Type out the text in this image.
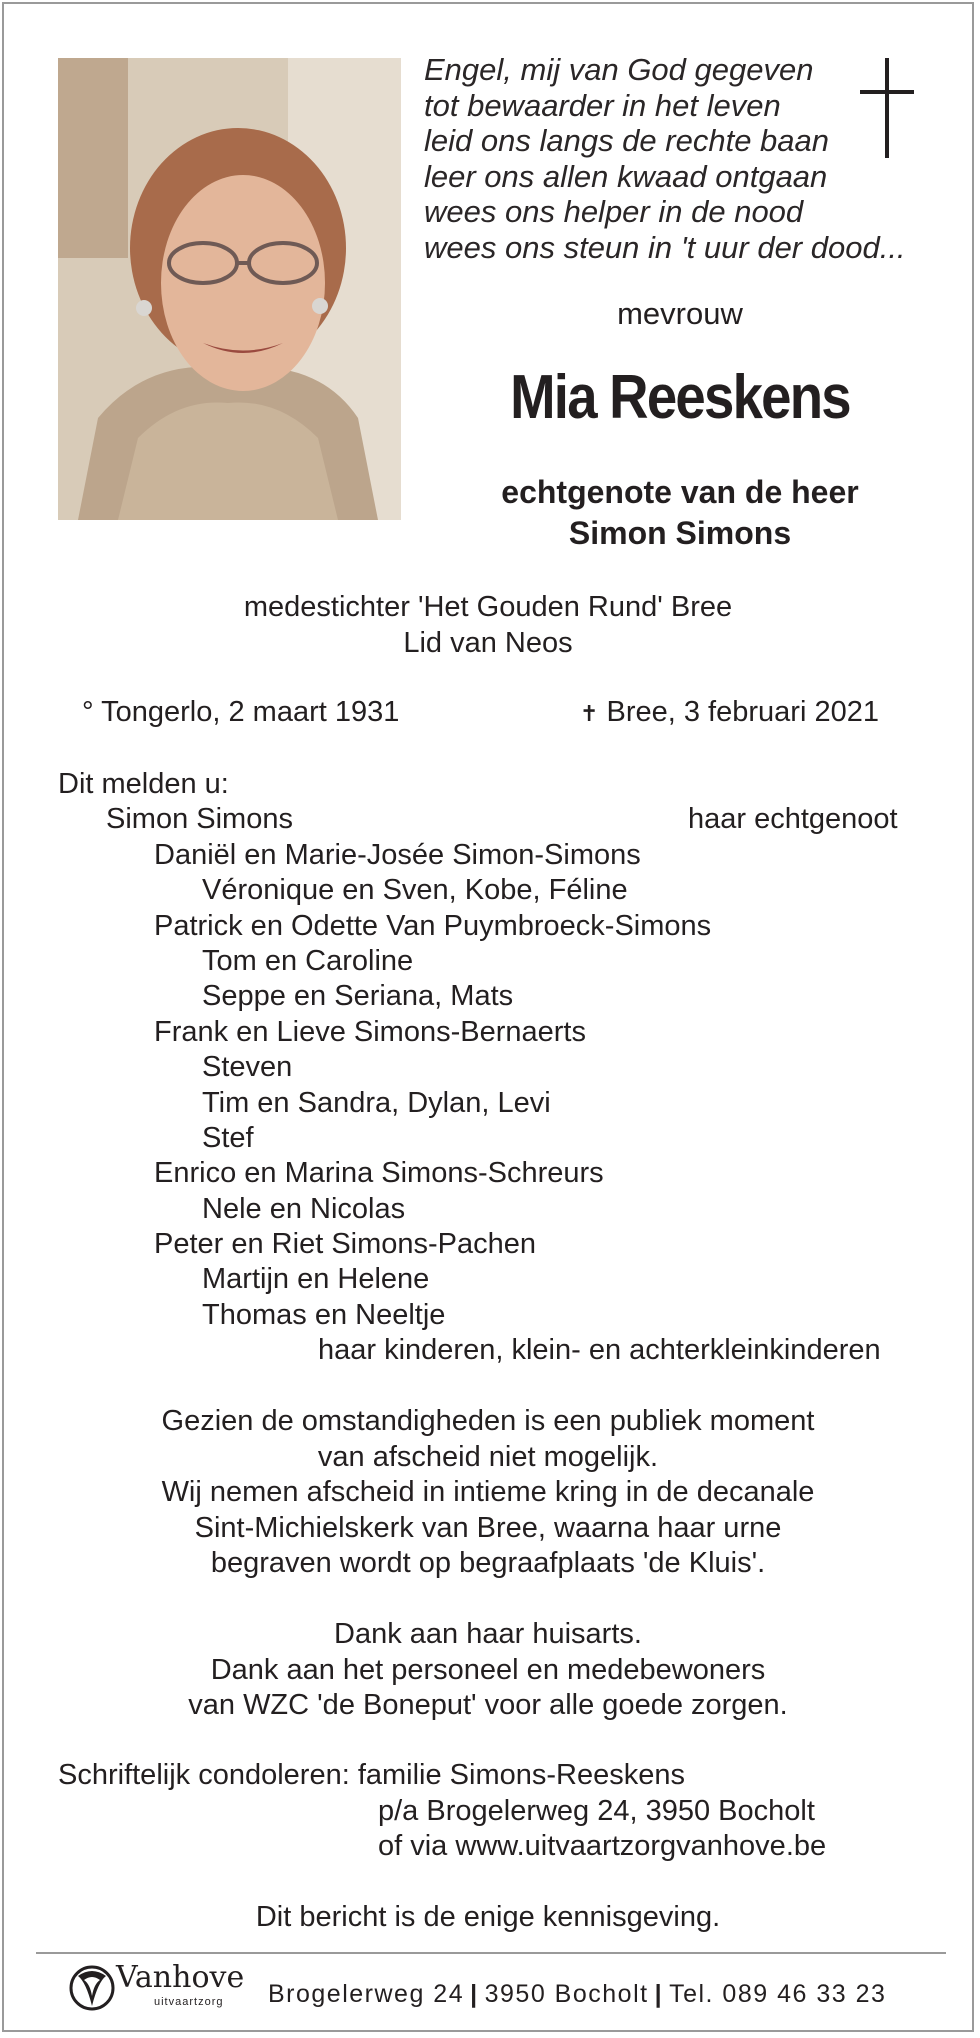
Engel, mij van God gegeven
tot bewaarder in het leven
leid ons langs de rechte baan
leer ons allen kwaad ontgaan
wees ons helper in de nood
wees ons steun in 't uur der dood...
mevrouw
Mia Reeskens
echtgenote van de heer
Simon Simons
medestichter 'Het Gouden Rund' Bree
Lid van Neos
° Tongerlo, 2 maart 1931	✝ Bree, 3 februari 2021
Dit melden u:
Simon Simons	haar echtgenoot
Daniël en Marie-Josée Simon-Simons
Véronique en Sven, Kobe, Féline
Patrick en Odette Van Puymbroeck-Simons
Tom en Caroline
Seppe en Seriana, Mats
Frank en Lieve Simons-Bernaerts
Steven
Tim en Sandra, Dylan, Levi
Stef
Enrico en Marina Simons-Schreurs
Nele en Nicolas
Peter en Riet Simons-Pachen
Martijn en Helene
Thomas en Neeltje
haar kinderen, klein- en achterkleinkinderen
Gezien de omstandigheden is een publiek moment
van afscheid niet mogelijk.
Wij nemen afscheid in intieme kring in de decanale
Sint-Michielskerk van Bree, waarna haar urne
begraven wordt op begraafplaats 'de Kluis'.
Dank aan haar huisarts.
Dank aan het personeel en medebewoners
van WZC 'de Boneput' voor alle goede zorgen.
Schriftelijk condoleren: familie Simons-Reeskens
p/a Brogelerweg 24, 3950 Bocholt
of via www.uitvaartzorgvanhove.be
Dit bericht is de enige kennisgeving.
Vanhove
uitvaartzorg Brogelerweg 24 | 3950 Bocholt | Tel. 089 46 33 23
